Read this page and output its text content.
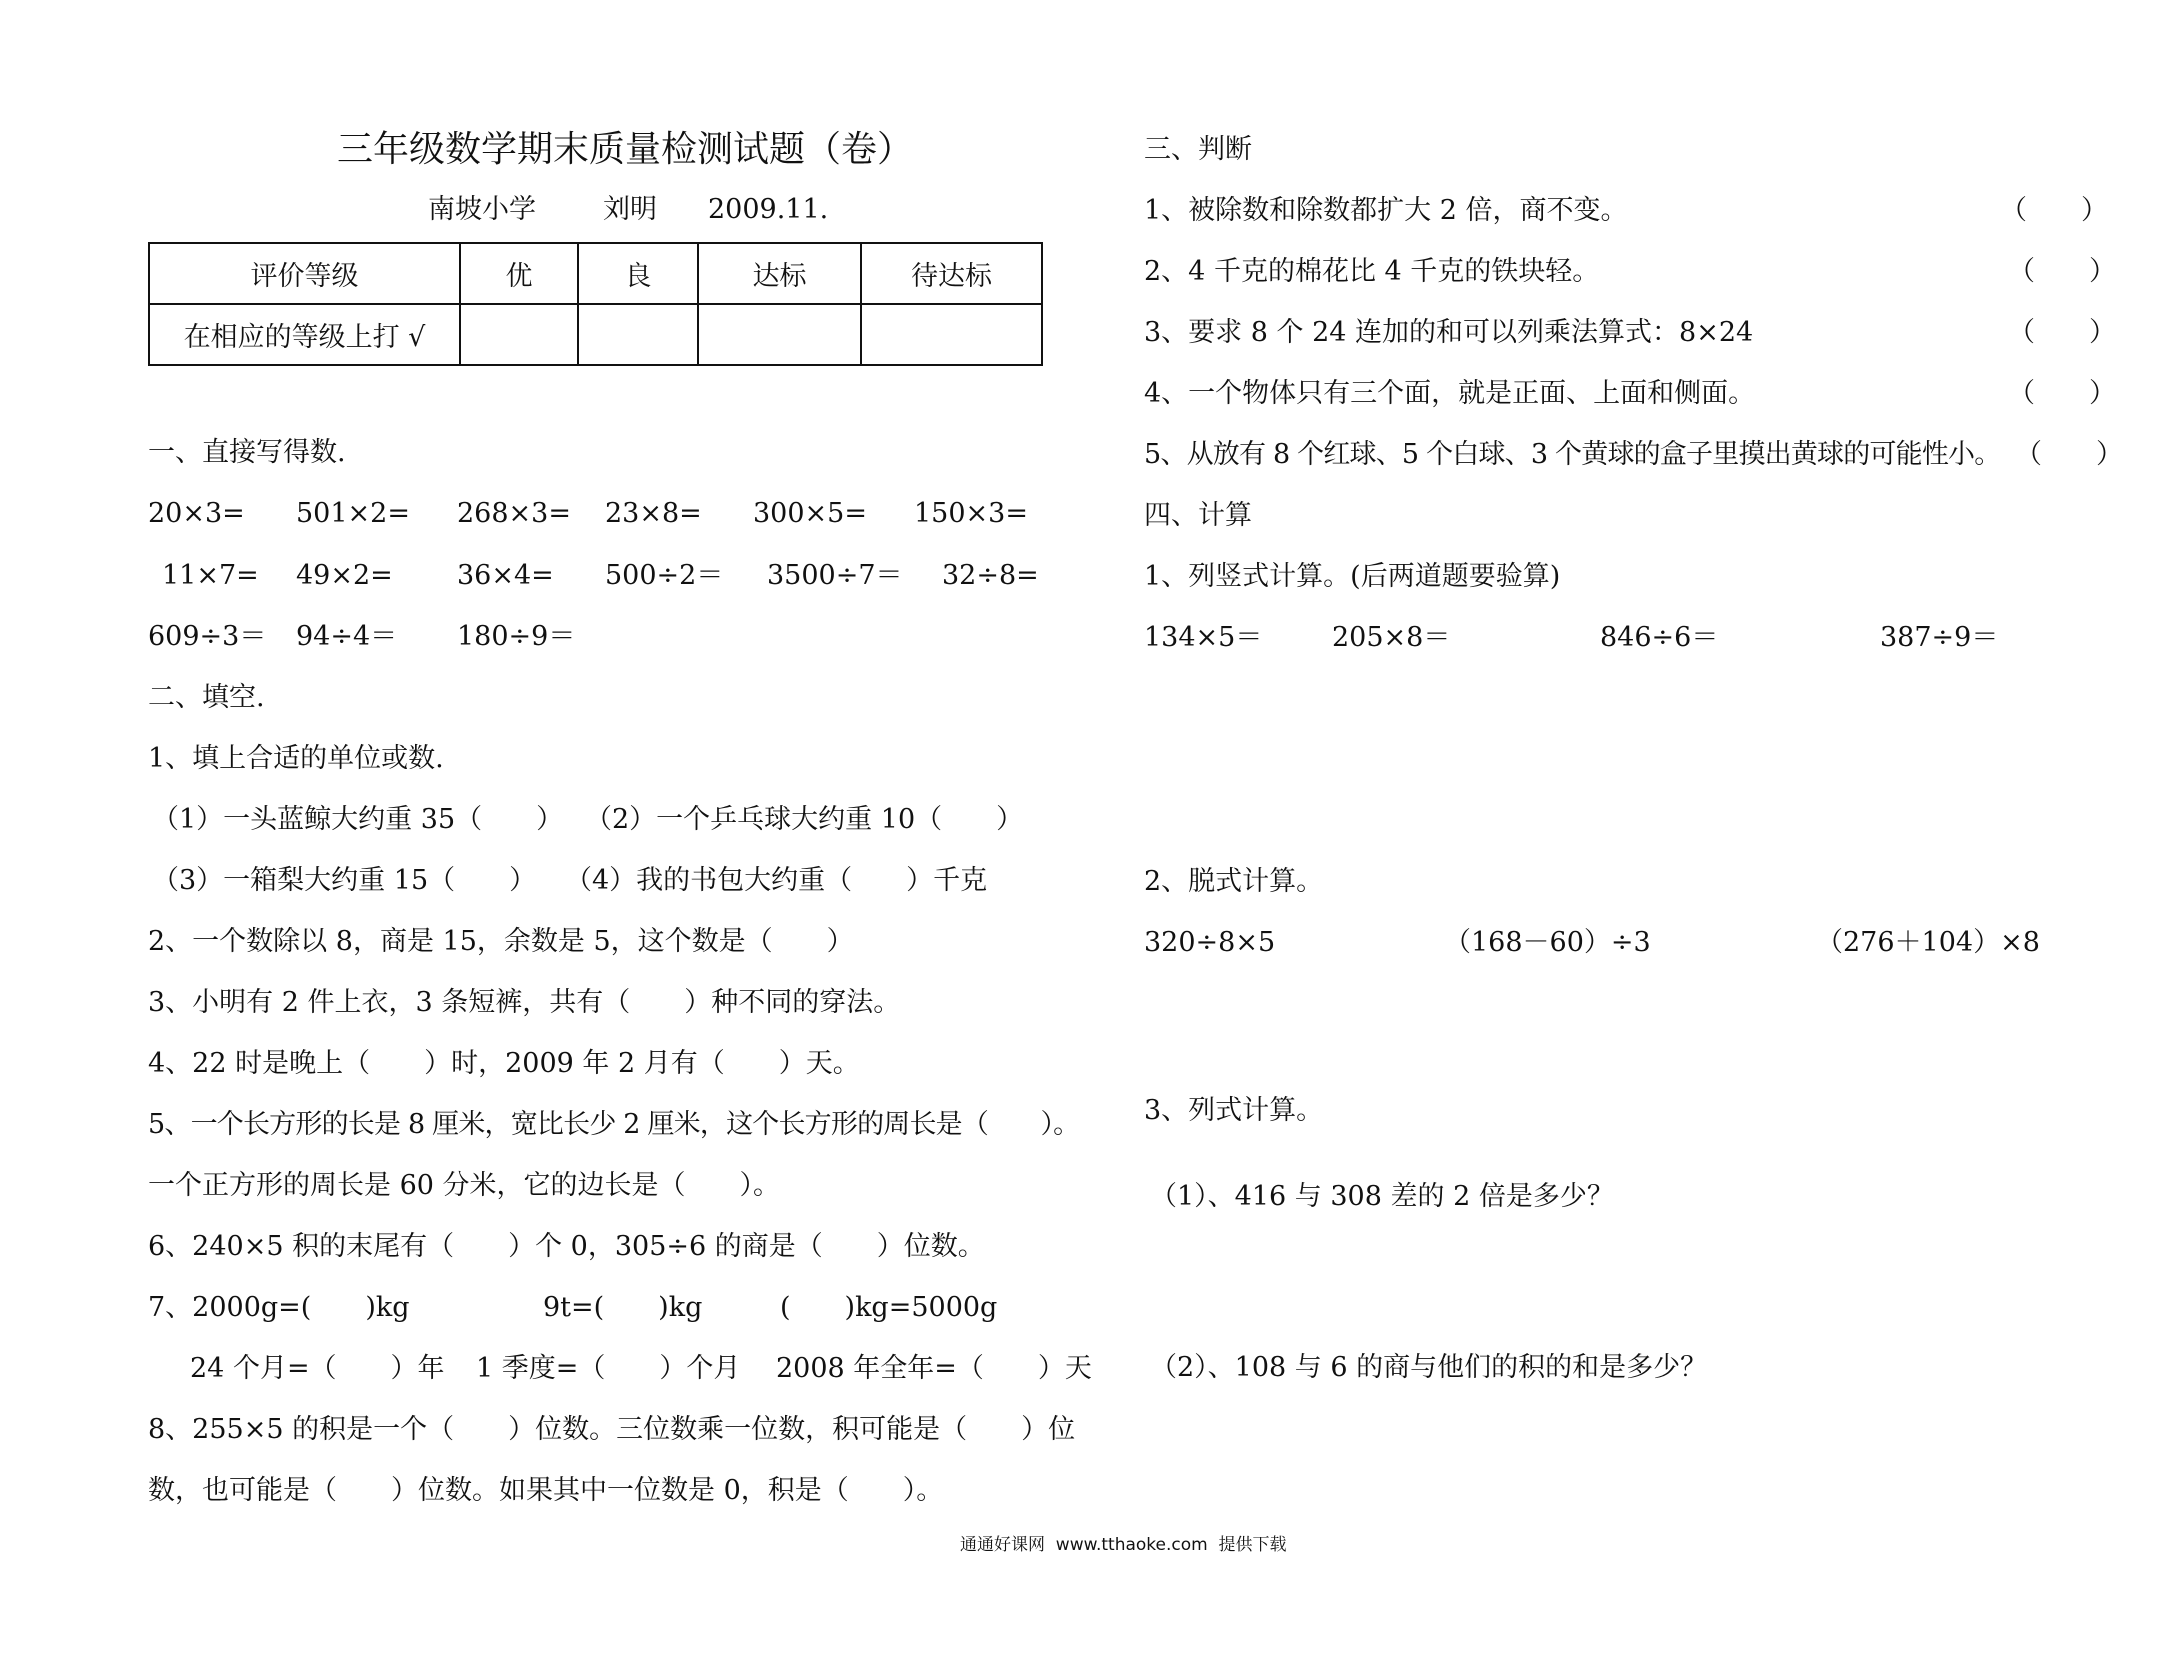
三年级数学期末质量检测试题（卷）
南坡小学 刘明 2009.11.
评价等级	优	良	达标	待达标
在相应的等级上打 √				
一、直接写得数.
20×3= 501×2= 268×3= 23×8= 300×5= 150×3=
11×7= 49×2= 36×4= 500÷2＝ 3500÷7＝ 32÷8=
609÷3＝ 94÷4＝ 180÷9＝
二、填空.
1、填上合适的单位或数.
（1）一头蓝鲸大约重 35（　　） （2）一个乒乓球大约重 10（　　）
（3）一箱梨大约重 15（　　） （4）我的书包大约重（　　）千克
2、一个数除以 8，商是 15，余数是 5，这个数是（　　）
3、小明有 2 件上衣，3 条短裤，共有（　　）种不同的穿法。
4、22 时是晚上（　　）时，2009 年 2 月有（　　）天。
5、一个长方形的长是 8 厘米，宽比长少 2 厘米，这个长方形的周长是（　　）。
一个正方形的周长是 60 分米，它的边长是（　　）。
6、240×5 积的末尾有（　　）个 0，305÷6 的商是（　　）位数。
7、2000g=(　　)kg	9t=(　　)kg	(　　)kg=5000g
24 个月=（　　）年 1 季度=（　　）个月 2008 年全年=（　　）天
8、255×5 的积是一个（　　）位数。三位数乘一位数，积可能是（　　）位
数，也可能是（　　）位数。如果其中一位数是 0，积是（　　）。
三、判断
1、被除数和除数都扩大 2 倍，商不变。	（　　）
2、4 千克的棉花比 4 千克的铁块轻。	（　　）
3、要求 8 个 24 连加的和可以列乘法算式：8×24	（　　）
4、一个物体只有三个面，就是正面、上面和侧面。	（　　）
5、从放有 8 个红球、5 个白球、3 个黄球的盒子里摸出黄球的可能性小。 （　　）
四、计算
1、列竖式计算。(后两道题要验算)
134×5＝	205×8＝	846÷6＝	387÷9＝
2、脱式计算。
320÷8×5	（168－60）÷3	（276＋104）×8
3、列式计算。
（1）、416 与 308 差的 2 倍是多少？
（2）、108 与 6 的商与他们的积的和是多少？
通通好课网  www.tthaoke.com  提供下载
